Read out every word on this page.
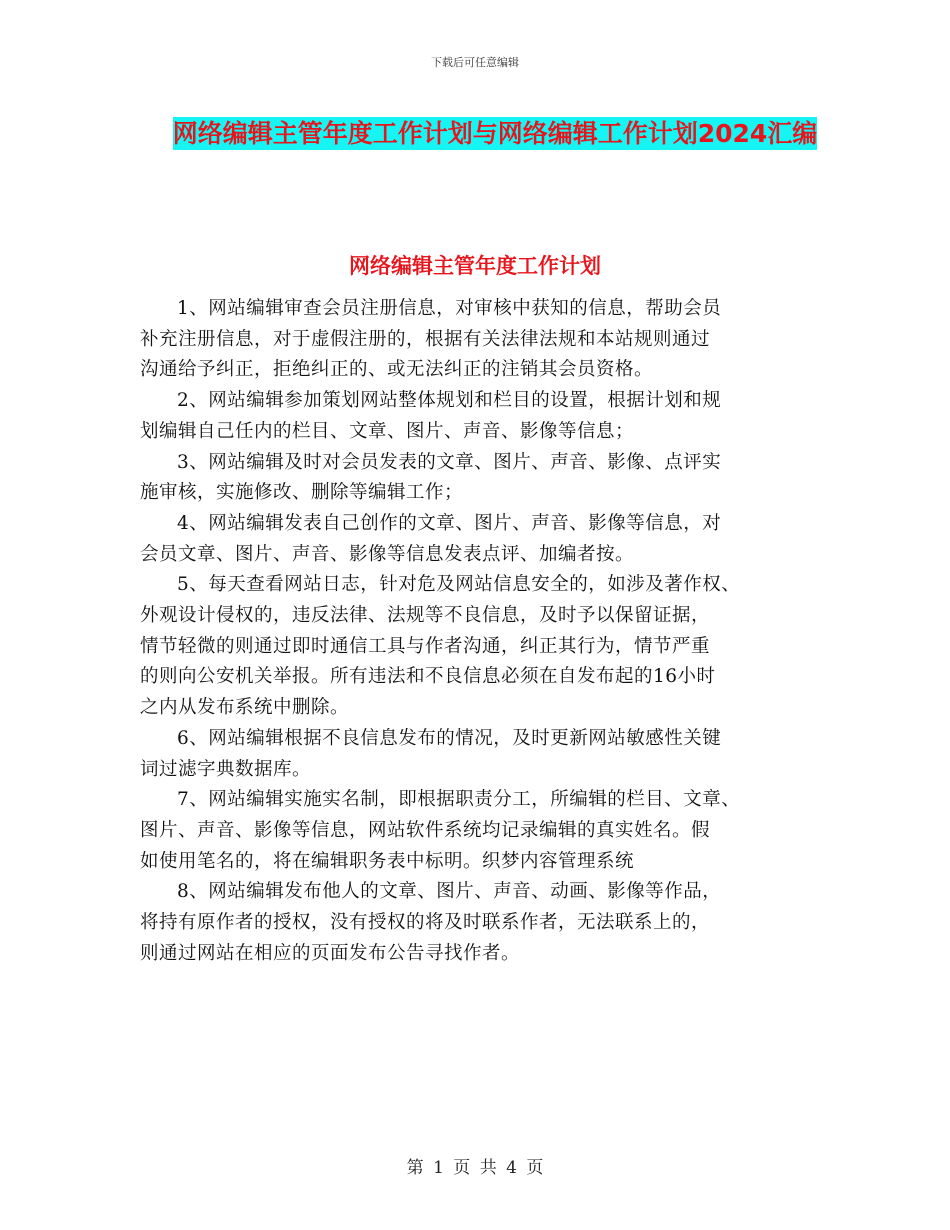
下载后可任意编辑
网络编辑主管年度工作计划与网络编辑工作计划2024汇编
网络编辑主管年度工作计划

1、网站编辑审查会员注册信息，对审核中获知的信息，帮助会员
补充注册信息，对于虚假注册的，根据有关法律法规和本站规则通过
沟通给予纠正，拒绝纠正的、或无法纠正的注销其会员资格。

2、网站编辑参加策划网站整体规划和栏目的设置，根据计划和规
划编辑自己任内的栏目、文章、图片、声音、影像等信息；

3、网站编辑及时对会员发表的文章、图片、声音、影像、点评实
施审核，实施修改、删除等编辑工作；

4、网站编辑发表自己创作的文章、图片、声音、影像等信息，对
会员文章、图片、声音、影像等信息发表点评、加编者按。

5、每天查看网站日志，针对危及网站信息安全的，如涉及著作权、
外观设计侵权的，违反法律、法规等不良信息，及时予以保留证据，
情节轻微的则通过即时通信工具与作者沟通，纠正其行为，情节严重
的则向公安机关举报。所有违法和不良信息必须在自发布起的16小时
之内从发布系统中删除。

6、网站编辑根据不良信息发布的情况，及时更新网站敏感性关键
词过滤字典数据库。

7、网站编辑实施实名制，即根据职责分工，所编辑的栏目、文章、
图片、声音、影像等信息，网站软件系统均记录编辑的真实姓名。假
如使用笔名的，将在编辑职务表中标明。织梦内容管理系统

8、网站编辑发布他人的文章、图片、声音、动画、影像等作品，
将持有原作者的授权，没有授权的将及时联系作者，无法联系上的，
则通过网站在相应的页面发布公告寻找作者。

第 1 页 共 4 页
